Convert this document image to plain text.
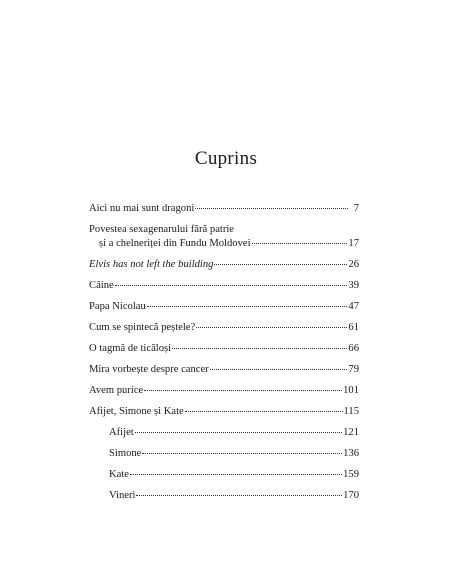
Cuprins
Aici nu mai sunt dragoni	7
Povestea sexagenarului fără patrie
și a chelneriței din Fundu Moldovei	17
Elvis has not left the building	26
Câine	39
Papa Nicolau	47
Cum se spintecă peștele?	61
O tagmă de ticăloși	66
Mira vorbește despre cancer	79
Avem purice	101
Afijet, Simone și Kate	115
Afijet	121
Simone	136
Kate	159
Vineri	170
